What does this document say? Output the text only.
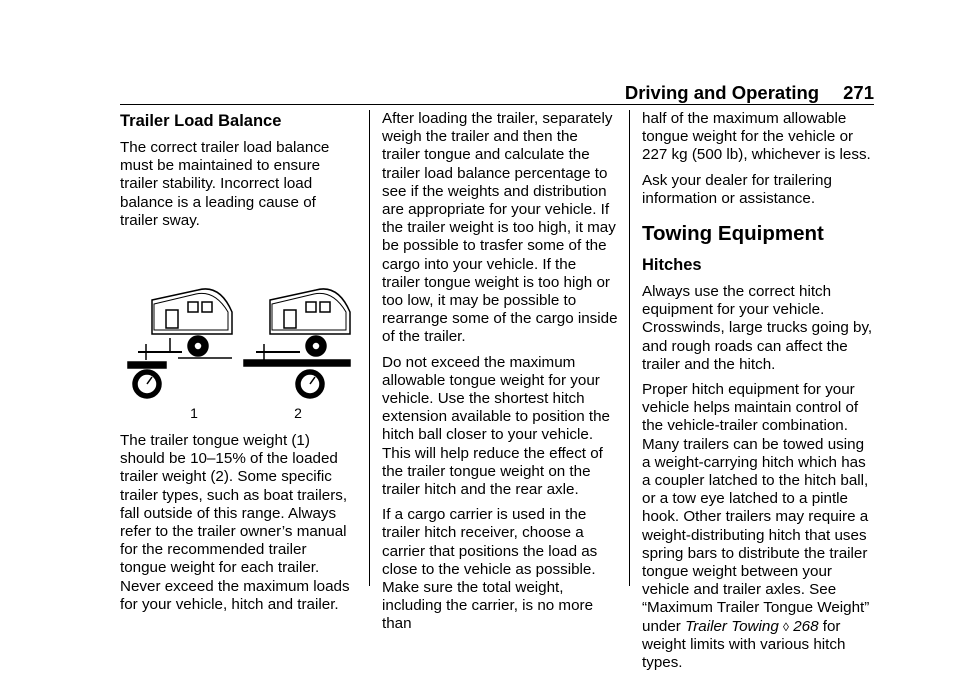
Driving and Operating 271
Trailer Load Balance

The correct trailer load balance must be maintained to ensure trailer stability. Incorrect load balance is a leading cause of trailer sway.

1	2

The trailer tongue weight (1) should be 10–15% of the loaded trailer weight (2). Some specific trailer types, such as boat trailers, fall outside of this range. Always refer to the trailer owner’s manual for the recommended trailer tongue weight for each trailer. Never exceed the maximum loads for your vehicle, hitch and trailer.

After loading the trailer, separately weigh the trailer and then the trailer tongue and calculate the trailer load balance percentage to see if the weights and distribution are appropriate for your vehicle. If the trailer weight is too high, it may be possible to trasfer some of the cargo into your vehicle. If the trailer tongue weight is too high or too low, it may be possible to rearrange some of the cargo inside of the trailer.

Do not exceed the maximum allowable tongue weight for your vehicle. Use the shortest hitch extension available to position the hitch ball closer to your vehicle. This will help reduce the effect of the trailer tongue weight on the trailer hitch and the rear axle.

If a cargo carrier is used in the trailer hitch receiver, choose a carrier that positions the load as close to the vehicle as possible. Make sure the total weight, including the carrier, is no more than

half of the maximum allowable tongue weight for the vehicle or 227 kg (500 lb), whichever is less.

Ask your dealer for trailering information or assistance.

Towing Equipment
Hitches

Always use the correct hitch equipment for your vehicle. Crosswinds, large trucks going by, and rough roads can affect the trailer and the hitch.

Proper hitch equipment for your vehicle helps maintain control of the vehicle-trailer combination. Many trailers can be towed using a weight-carrying hitch which has a coupler latched to the hitch ball, or a tow eye latched to a pintle hook. Other trailers may require a weight-distributing hitch that uses spring bars to distribute the trailer tongue weight between your vehicle and trailer axles. See “Maximum Trailer Tongue Weight” under Trailer Towing ◊ 268 for weight limits with various hitch types.
